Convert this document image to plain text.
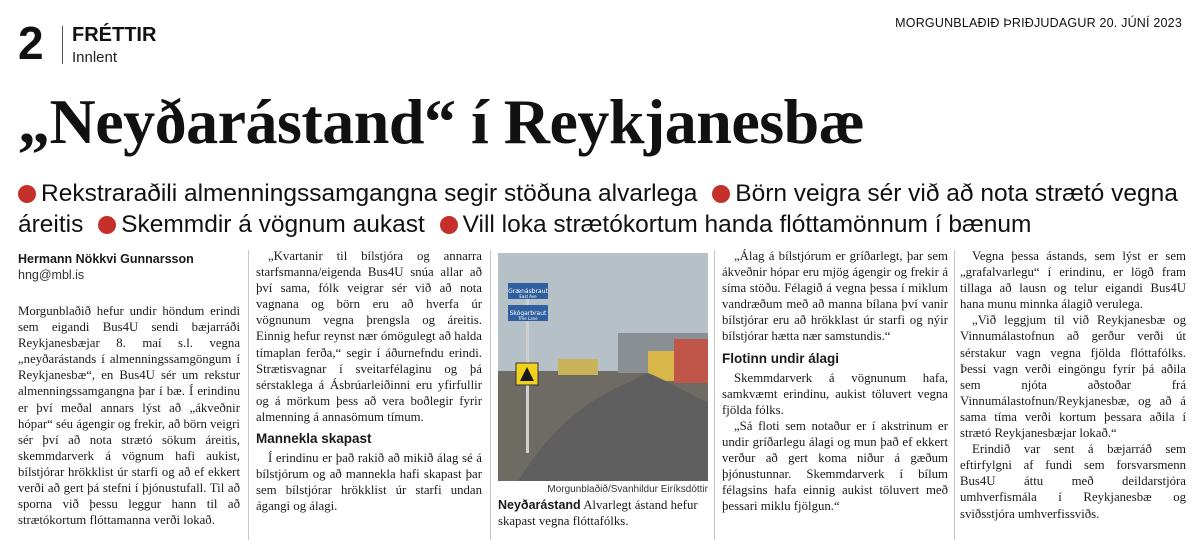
2 FRÉTTIR
Innlent
MORGUNBLAÐIÐ ÞRIÐJUDAGUR 20. JÚNÍ 2023
„Neyðarástand“ í Reykjanesbæ
Rekstraraðili almenningssamgangna segir stöðuna alvarlega Börn veigra sér við að nota strætó vegna áreitis Skemmdir á vögnum aukast Vill loka strætókortum handa flóttamönnum í bænum
Hermann Nökkvi Gunnarsson
hng@mbl.is

Morgunblaðið hefur undir höndum erindi sem eigandi Bus4U sendi bæjarráði Reykjanesbæjar 8. maí s.l. vegna „neyðarástands í almenningssamgöngum í Reykjanesbæ“, en Bus4U sér um rekstur almenningssamgangna þar í bæ. Í erindinu er því meðal annars lýst að „ákveðnir hópar“ séu ágengir og frekir, að börn veigri sér því að nota strætó sökum áreitis, skemmdarverk á vögnum hafi aukist, bílstjórar hrökklist úr starfi og að ef ekkert verði að gert þá stefni í þjónustufall. Til að sporna við þessu leggur hann til að strætókortum flóttamanna verði lokað.

„Kvartanir til bílstjóra og annarra starfsmanna/eigenda Bus4U snúa allar að því sama, fólk veigrar sér við að nota vagnana og börn eru að hverfa úr vögnunum vegna þrengsla og áreitis. Einnig hefur reynst nær ómögulegt að halda tímaplan ferða,“ segir í áðurnefndu erindi. Strætisvagnar í sveitarfélaginu og þá sérstaklega á Ásbrúarleiðinni eru yfirfullir og á mörkum þess að vera boðlegir fyrir almenning á annasömum tímum.

Mannekla skapast

Í erindinu er það rakið að mikið álag sé á bílstjórum og að mannekla hafi skapast þar sem bílstjórar hrökklist úr starfi undan ágangi og álagi.

Grænásbraut
East Ave
Skógarbraut
Tree Lane
Morgunblaðið/Svanhildur Eiríksdóttir
Neyðarástand Alvarlegt ástand hefur skapast vegna flóttafólks.

„Álag á bílstjórum er gríðarlegt, þar sem ákveðnir hópar eru mjög ágengir og frekir á síma stöðu. Félagið á vegna þessa í miklum vandræðum með að manna bílana því vanir bílstjórar eru að hrökklast úr starfi og nýir bílstjórar hætta nær samstundis.“

Flotinn undir álagi

Skemmdarverk á vögnunum hafa, samkvæmt erindinu, aukist töluvert vegna fjölda fólks.

„Sá floti sem notaður er í akstrinum er undir gríðarlegu álagi og mun það ef ekkert verður að gert koma niður á gæðum þjónustunnar. Skemmdarverk í bílum félagsins hafa einnig aukist töluvert með þessari miklu fjölgun.“

Vegna þessa ástands, sem lýst er sem „grafalvarlegu“ í erindinu, er lögð fram tillaga að lausn og telur eigandi Bus4U hana munu minnka álagið verulega.

„Við leggjum til við Reykjanesbæ og Vinnumálastofnun að gerður verði út sérstakur vagn vegna fjölda flóttafólks. Þessi vagn verði eingöngu fyrir þá aðila sem njóta aðstoðar frá Vinnumálastofnun/Reykjanesbæ, og að á sama tíma verði kortum þessara aðila í strætó Reykjanesbæjar lokað.“

Erindið var sent á bæjarráð sem eftirfylgni af fundi sem forsvarsmenn Bus4U áttu með deildarstjóra umhverfismála í Reykjanesbæ og sviðsstjóra umhverfissviðs.
